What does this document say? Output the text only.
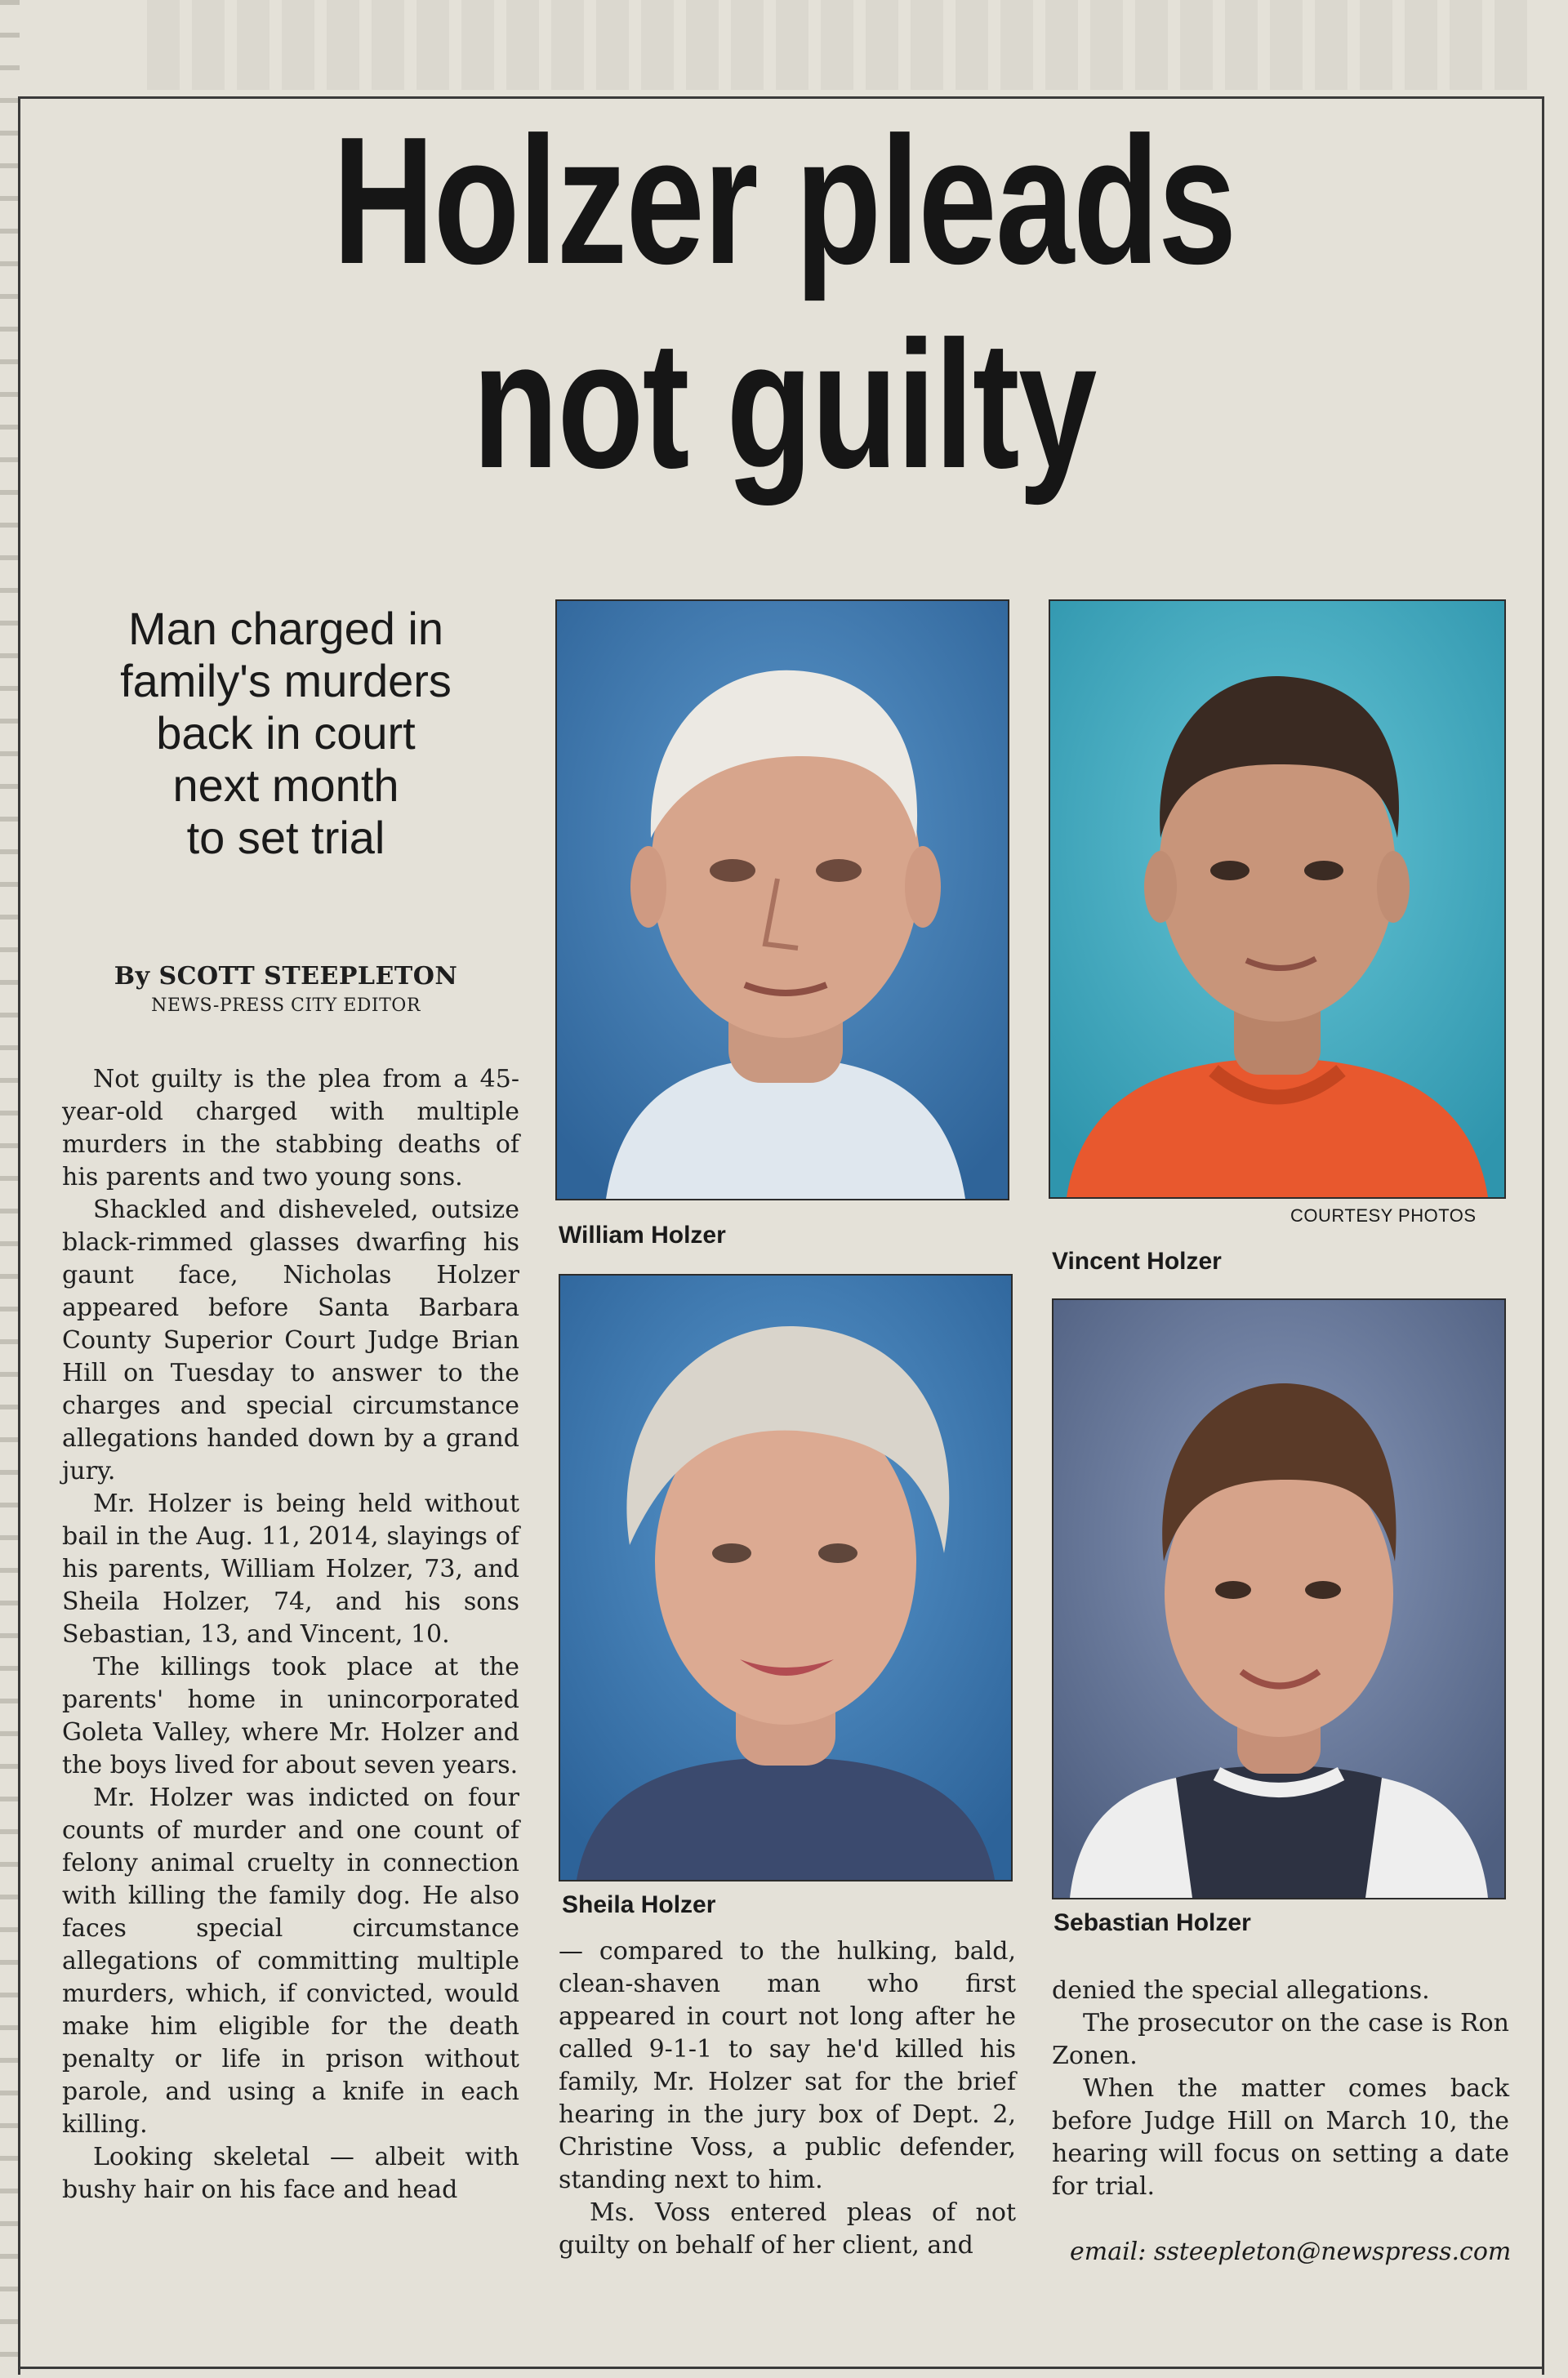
Holzer pleads
not guilty
Man charged in
family's murders
back in court
next month
to set trial
By SCOTT STEEPLETON
NEWS-PRESS CITY EDITOR

Not guilty is the plea from a 45-year-old charged with multiple murders in the stabbing deaths of his parents and two young sons.

Shackled and disheveled, outsize black-rimmed glasses dwarfing his gaunt face, Nicholas Holzer appeared before Santa Barbara County Superior Court Judge Brian Hill on Tuesday to answer to the charges and special circumstance allegations handed down by a grand jury.

Mr. Holzer is being held without bail in the Aug. 11, 2014, slayings of his parents, William Holzer, 73, and Sheila Holzer, 74, and his sons Sebastian, 13, and Vincent, 10.

The killings took place at the parents' home in unincorporated Goleta Valley, where Mr. Holzer and the boys lived for about seven years.

Mr. Holzer was indicted on four counts of murder and one count of felony animal cruelty in connection with killing the family dog. He also faces special circumstance allegations of committing multiple murders, which, if convicted, would make him eligible for the death penalty or life in prison without parole, and using a knife in each killing.

Looking skeletal — albeit with bushy hair on his face and head

— compared to the hulking, bald, clean-shaven man who first appeared in court not long after he called 9-1-1 to say he'd killed his family, Mr. Holzer sat for the brief hearing in the jury box of Dept. 2, Christine Voss, a public defender, standing next to him.

Ms. Voss entered pleas of not guilty on behalf of her client, and

denied the special allegations.

The prosecutor on the case is Ron Zonen.

When the matter comes back before Judge Hill on March 10, the hearing will focus on setting a date for trial.

email: ssteepleton@newspress.com
William Holzer
COURTESY PHOTOS
Vincent Holzer
Sheila Holzer
Sebastian Holzer
